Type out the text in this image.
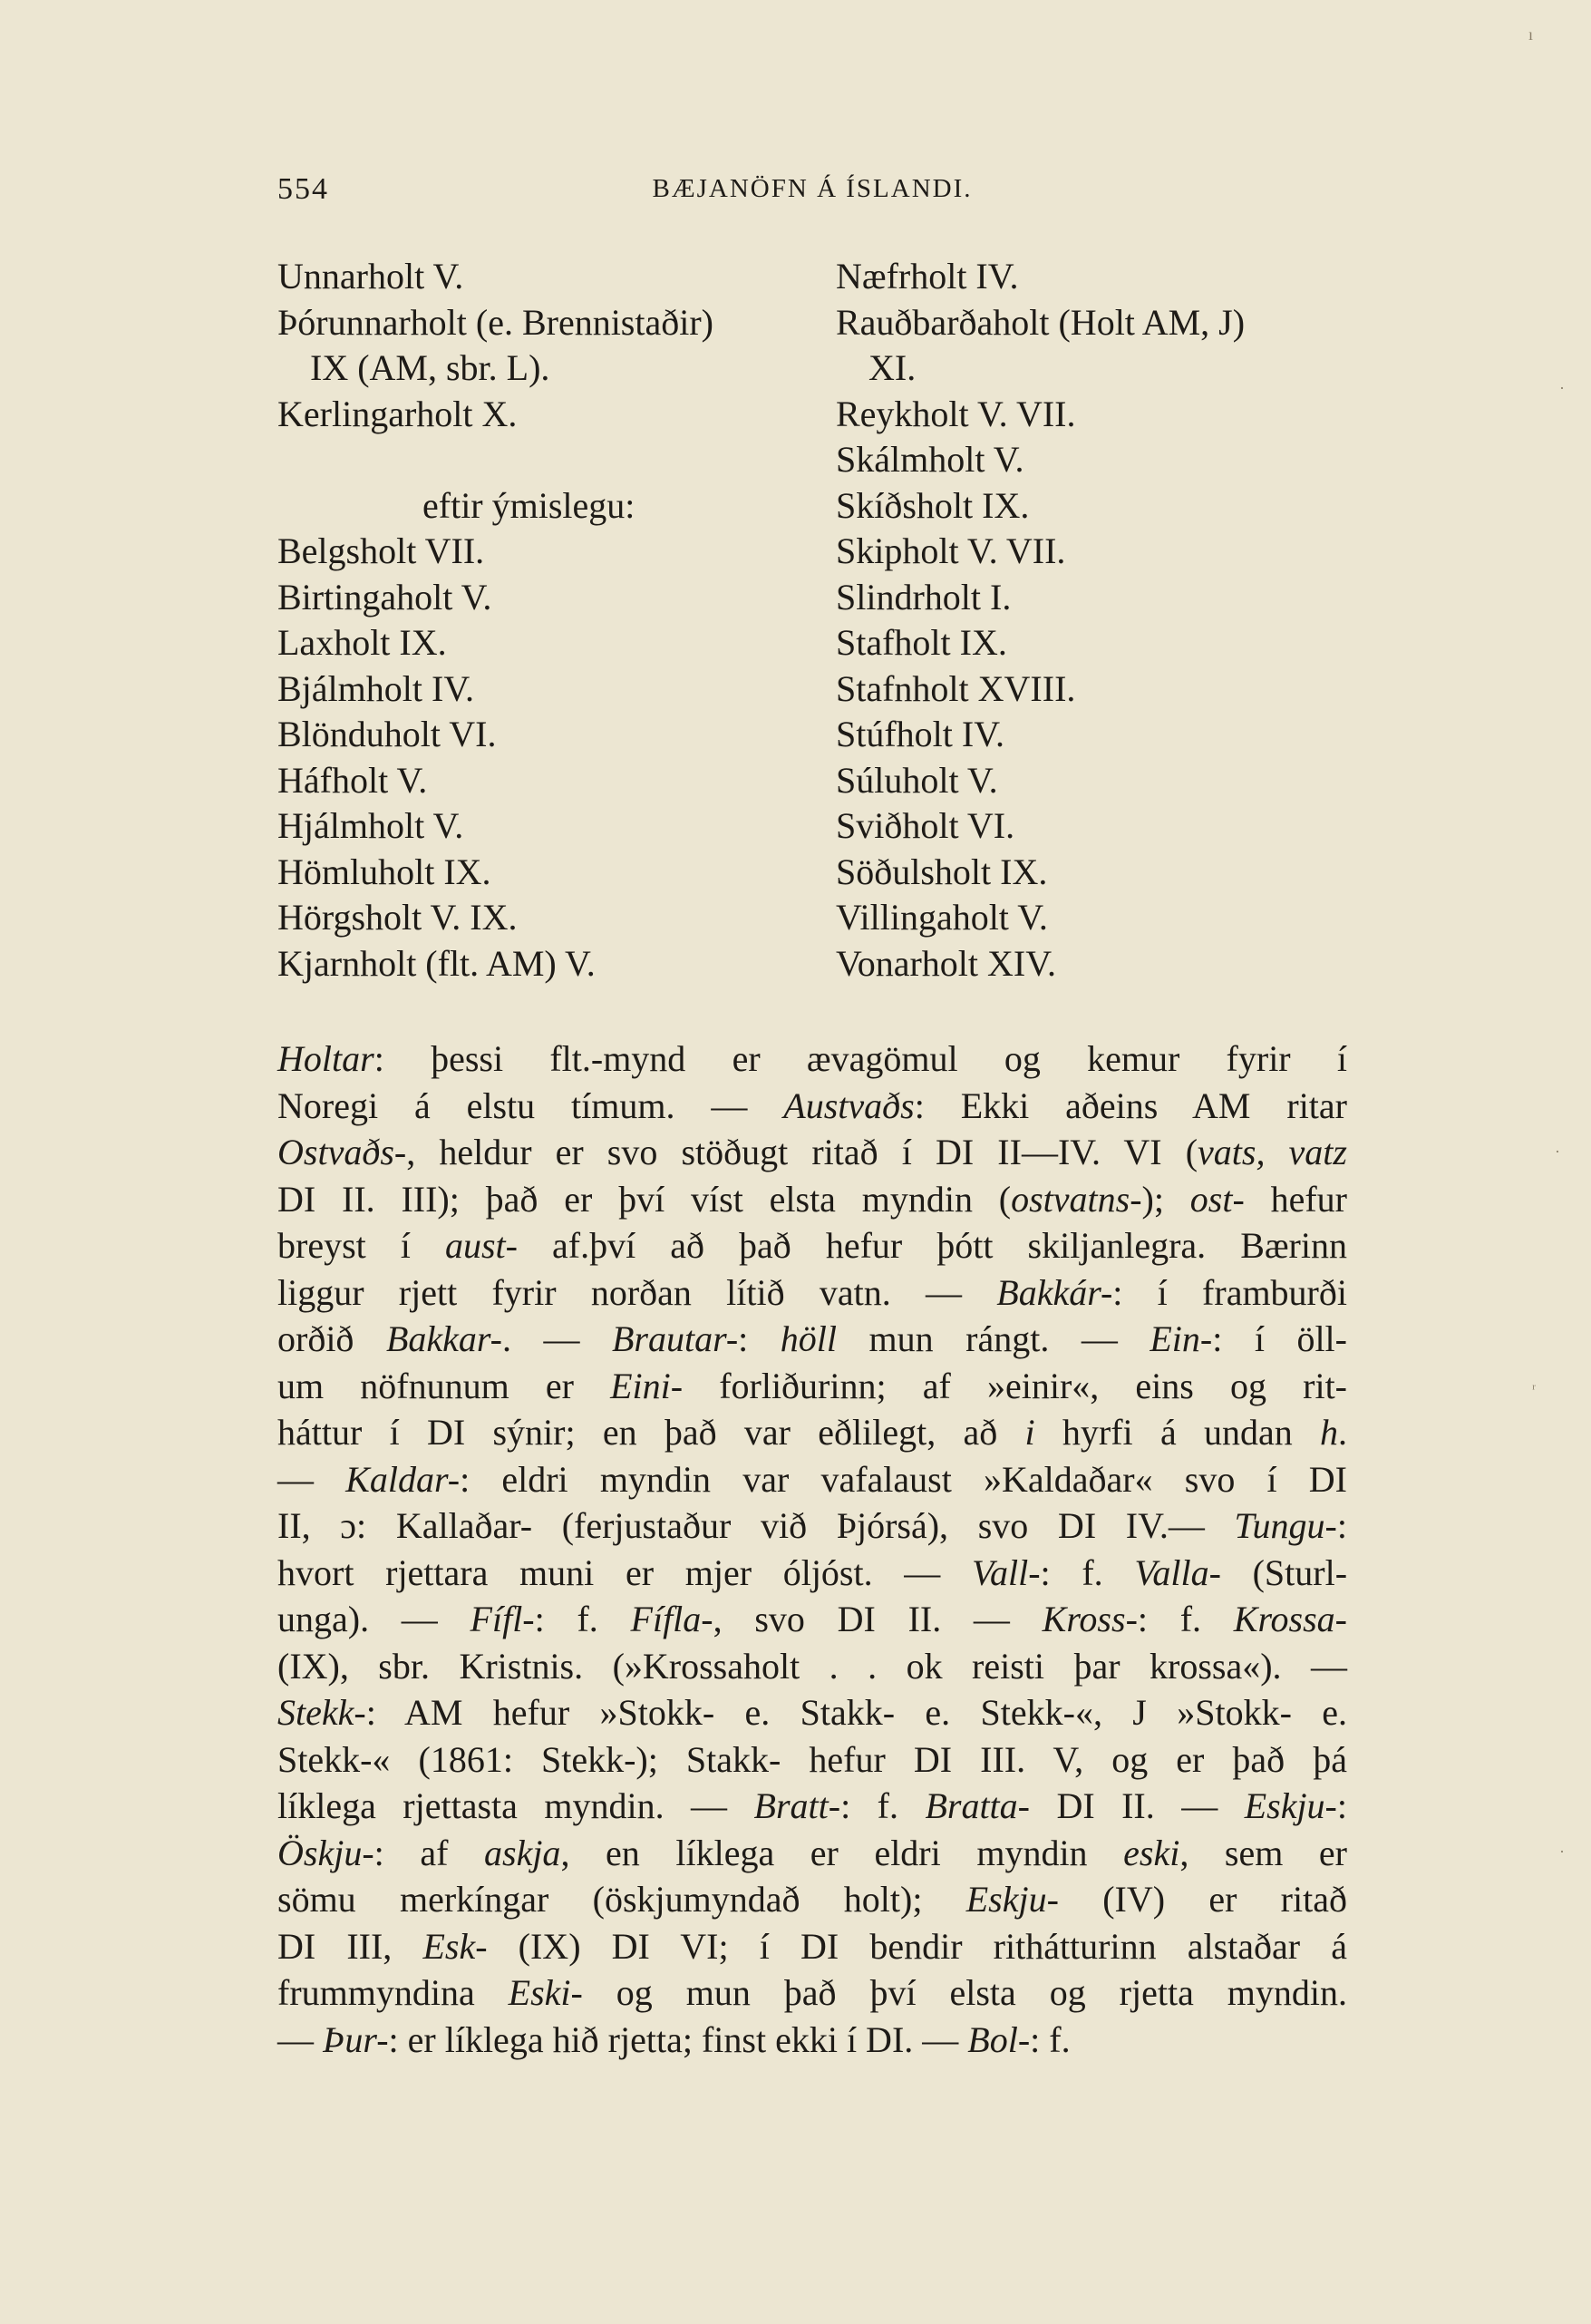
554	BÆJANÖFN Á ÍSLANDI.
Unnarholt V.
Þórunnarholt (e. Brennistaðir)
IX (AM, sbr. L).
Kerlingarholt X.

eftir ýmislegu:
Belgsholt VII.
Birtingaholt V.
Laxholt IX.
Bjálmholt IV.
Blönduholt VI.
Háfholt V.
Hjálmholt V.
Hömluholt IX.
Hörgsholt V. IX.
Kjarnholt (flt. AM) V.
Næfrholt IV.
Rauðbarðaholt (Holt AM, J)
XI.
Reykholt V. VII.
Skálmholt V.
Skíðsholt IX.
Skipholt V. VII.
Slindrholt I.
Stafholt IX.
Stafnholt XVIII.
Stúfholt IV.
Súluholt V.
Sviðholt VI.
Söðulsholt IX.
Villingaholt V.
Vonarholt XIV.
Holtar: þessi flt.-mynd er ævagömul og kemur fyrir í
Noregi á elstu tímum. — Austvaðs: Ekki aðeins AM ritar
Ostvaðs-, heldur er svo stöðugt ritað í DI II—IV. VI (vats, vatz
DI II. III); það er því víst elsta myndin (ostvatns-); ost- hefur
breyst í aust- af.því að það hefur þótt skiljanlegra. Bærinn
liggur rjett fyrir norðan lítið vatn. — Bakkár-: í framburði
orðið Bakkar-. — Brautar-: höll mun rángt. — Ein-: í öll-
um nöfnunum er Eini- forliðurinn; af »einir«, eins og rit-
háttur í DI sýnir; en það var eðlilegt, að i hyrfi á undan h.
— Kaldar-: eldri myndin var vafalaust »Kaldaðar« svo í DI
II, ɔ: Kallaðar- (ferjustaður við Þjórsá), svo DI IV.— Tungu-:
hvort rjettara muni er mjer óljóst. — Vall-: f. Valla- (Sturl-
unga). — Fífl-: f. Fífla-, svo DI II. — Kross-: f. Krossa-
(IX), sbr. Kristnis. (»Krossaholt . . ok reisti þar krossa«). —
Stekk-: AM hefur »Stokk- e. Stakk- e. Stekk-«, J »Stokk- e.
Stekk-« (1861: Stekk-); Stakk- hefur DI III. V, og er það þá
líklega rjettasta myndin. — Bratt-: f. Bratta- DI II. — Eskju-:
Öskju-: af askja, en líklega er eldri myndin eski, sem er
sömu merkíngar (öskjumyndað holt); Eskju- (IV) er ritað
DI III, Esk- (IX) DI VI; í DI bendir rithátturinn alstaðar á
frummyndina Eski- og mun það því elsta og rjetta myndin.
— Þur-: er líklega hið rjetta; finst ekki í DI. — Bol-: f.
ı
·
·
ᵣ
·
